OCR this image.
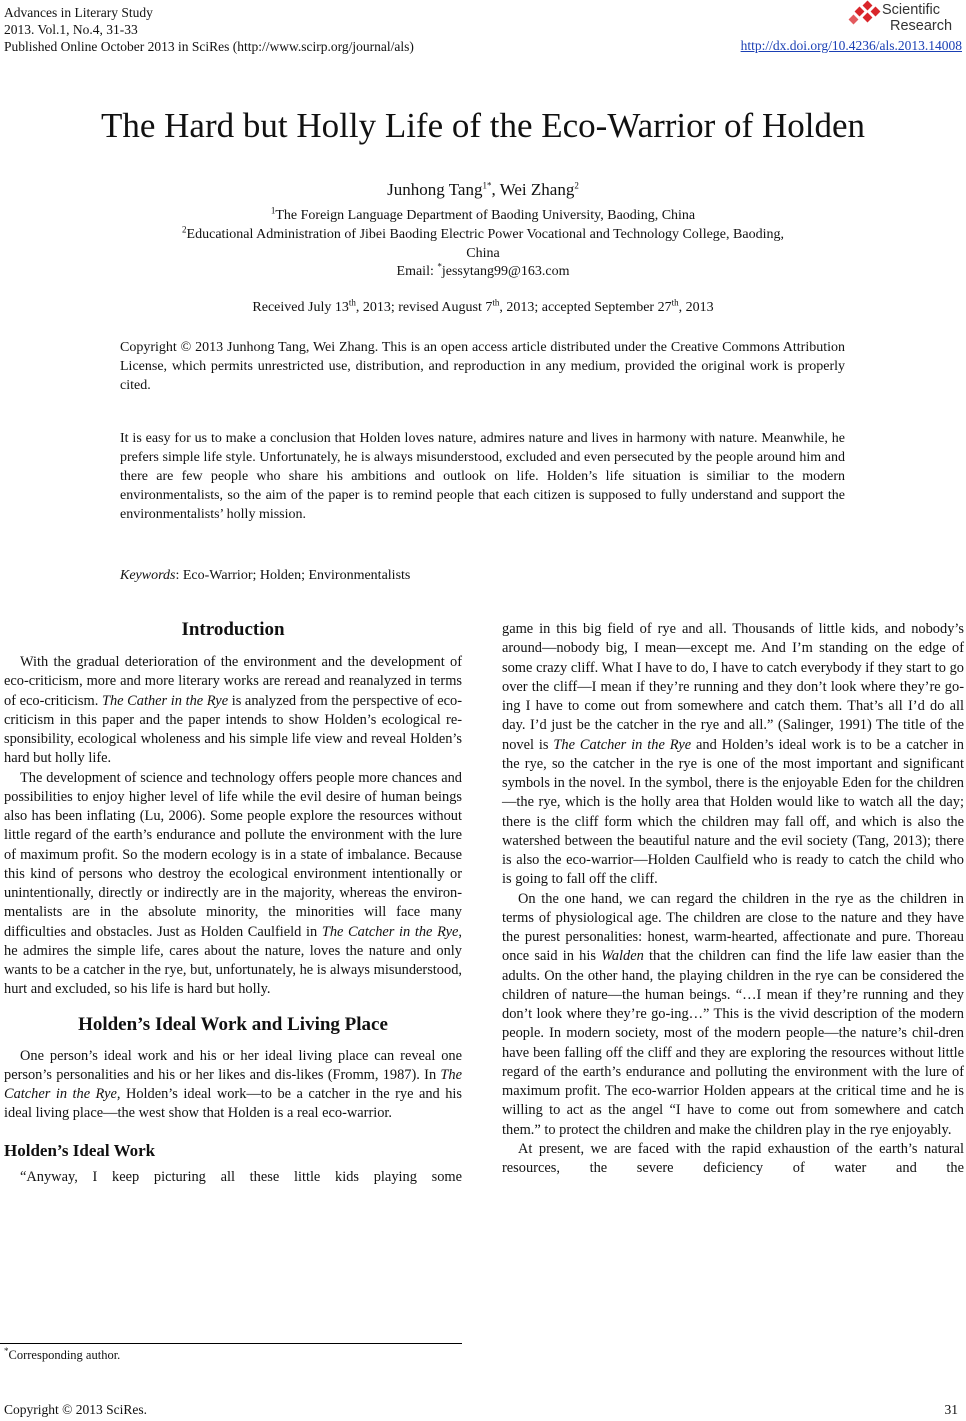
Advances in Literary Study
2013. Vol.1, No.4, 31-33
Published Online October 2013 in SciRes (http://www.scirp.org/journal/als)	http://dx.doi.org/10.4236/als.2013.14008
Scientific
Research
The Hard but Holly Life of the Eco-Warrior of Holden
Junhong Tang$^{1*}$, Wei Zhang$^2$
$^1$The Foreign Language Department of Baoding University, Baoding, China
$^2$Educational Administration of Jibei Baoding Electric Power Vocational and Technology College, Baoding,
China
Email: *jessytang99@163.com
Received July 13th, 2013; revised August 7th, 2013; accepted September 27th, 2013
Copyright © 2013 Junhong Tang, Wei Zhang. This is an open access article distributed under the Creative Commons Attribution License, which permits unrestricted use, distribution, and reproduction in any medium, provided the original work is properly cited.
It is easy for us to make a conclusion that Holden loves nature, admires nature and lives in harmony with nature. Meanwhile, he prefers simple life style. Unfortunately, he is always misunderstood, excluded and even persecuted by the people around him and there are few people who share his ambitions and outlook on life. Holden’s life situation is similiar to the modern environmentalists, so the aim of the paper is to remind people that each citizen is supposed to fully understand and support the environmentalists’ holly mission.
Keywords: Eco-Warrior; Holden; Environmentalists
Introduction

With the gradual deterioration of the environment and the development of eco-criticism, more and more literary works are reread and reanalyzed in terms of eco-criticism. The Cather in the Rye is analyzed from the perspective of eco-criticism in this paper and the paper intends to show Holden’s ecological re-sponsibility, ecological wholeness and his simple life view and reveal Holden’s hard but holly life.

The development of science and technology offers people more chances and possibilities to enjoy higher level of life while the evil desire of human beings also has been inflating (Lu, 2006). Some people explore the resources without little regard of the earth’s endurance and pollute the environment with the lure of maximum profit. So the modern ecology is in a state of imbalance. Because this kind of persons who destroy the ecological environment intentionally or unintentionally, directly or indirectly are in the majority, whereas the environ-mentalists are in the absolute minority, the minorities will face many difficulties and obstacles. Just as Holden Caulfield in The Catcher in the Rye, he admires the simple life, cares about the nature, loves the nature and only wants to be a catcher in the rye, but, unfortunately, he is always misunderstood, hurt and excluded, so his life is hard but holly.

Holden’s Ideal Work and Living Place

One person’s ideal work and his or her ideal living place can reveal one person’s personalities and his or her likes and dis-likes (Fromm, 1987). In The Catcher in the Rye, Holden’s ideal work—to be a catcher in the rye and his ideal living place—the west show that Holden is a real eco-warrior.

Holden’s Ideal Work

“Anyway, I keep picturing all these little kids playing some

game in this big field of rye and all. Thousands of little kids, and nobody’s around—nobody big, I mean—except me. And I’m standing on the edge of some crazy cliff. What I have to do, I have to catch everybody if they start to go over the cliff—I mean if they’re running and they don’t look where they’re go-ing I have to come out from somewhere and catch them. That’s all I’d do all day. I’d just be the catcher in the rye and all.” (Salinger, 1991) The title of the novel is The Catcher in the Rye and Holden’s ideal work is to be a catcher in the rye, so the catcher in the rye is one of the most important and significant symbols in the novel. In the symbol, there is the enjoyable Eden for the children—the rye, which is the holly area that Holden would like to watch all the day; there is the cliff form which the children may fall off, and which is also the watershed between the beautiful nature and the evil society (Tang, 2013); there is also the eco-warrior—Holden Caulfield who is ready to catch the child who is going to fall off the cliff.

On the one hand, we can regard the children in the rye as the children in terms of physiological age. The children are close to the nature and they have the purest personalities: honest, warm-hearted, affectionate and pure. Thoreau once said in his Walden that the children can find the life law easier than the adults. On the other hand, the playing children in the rye can be considered the children of nature—the human beings. “…I mean if they’re running and they don’t look where they’re go-ing…” This is the vivid description of the modern people. In modern society, most of the modern people—the nature’s chil-dren have been falling off the cliff and they are exploring the resources without little regard of the earth’s endurance and polluting the environment with the lure of maximum profit. The eco-warrior Holden appears at the critical time and he is willing to act as the angel “I have to come out from somewhere and catch them.” to protect the children and make the children play in the rye enjoyably.

At present, we are faced with the rapid exhaustion of the earth’s natural resources, the severe deficiency of water and the

*Corresponding author.
Copyright © 2013 SciRes.	31
